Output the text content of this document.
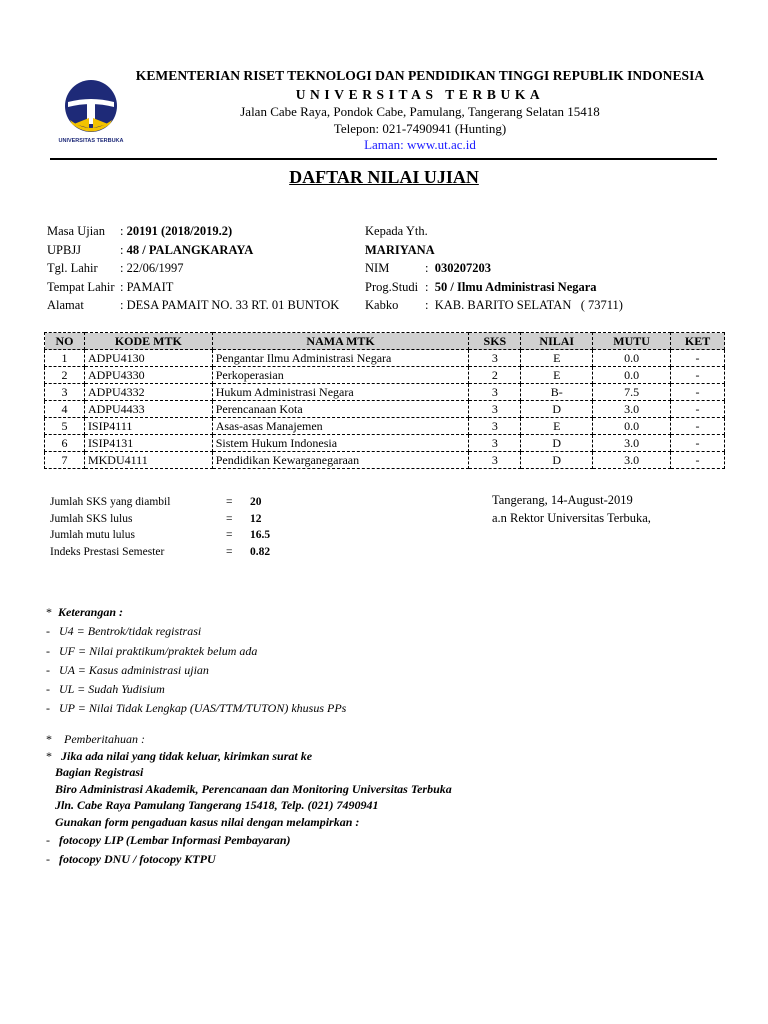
UNIVERSITAS TERBUKA
KEMENTERIAN RISET TEKNOLOGI DAN PENDIDIKAN TINGGI REPUBLIK INDONESIA
UNIVERSITAS TERBUKA
Jalan Cabe Raya, Pondok Cabe, Pamulang, Tangerang Selatan 15418
Telepon: 021-7490941 (Hunting)
Laman: www.ut.ac.id
DAFTAR NILAI UJIAN
Masa Ujian : 20191 (2018/2019.2)
UPBJJ	: 48 / PALANGKARAYA
Tgl. Lahir : 22/06/1997
Tempat Lahir : PAMAIT
Alamat	: DESA PAMAIT NO. 33 RT. 01 BUNTOK
Kepada Yth.
MARIYANA
NIM	:  030207203
Prog.Studi :  50 / Ilmu Administrasi Negara
Kabko :  KAB. BARITO SELATAN ( 73711)
NO	KODE MTK	NAMA MTK	SKS	NILAI	MUTU	KET
1	ADPU4130	Pengantar Ilmu Administrasi Negara	3	E	0.0	-
2	ADPU4330	Perkoperasian	2	E	0.0	-
3	ADPU4332	Hukum Administrasi Negara	3	B-	7.5	-
4	ADPU4433	Perencanaan Kota	3	D	3.0	-
5	ISIP4111	Asas-asas Manajemen	3	E	0.0	-
6	ISIP4131	Sistem Hukum Indonesia	3	D	3.0	-
7	MKDU4111	Pendidikan Kewarganegaraan	3	D	3.0	-
Jumlah SKS yang diambil	= 20
Jumlah SKS lulus	= 12
Jumlah mutu lulus	= 16.5
Indeks Prestasi Semester	= 0.82
Tangerang, 14-August-2019
a.n Rektor Universitas Terbuka,
*  Keterangan :
-   U4 = Bentrok/tidak registrasi
-   UF = Nilai praktikum/praktek belum ada
-   UA = Kasus administrasi ujian
-   UL = Sudah Yudisium
-   UP = Nilai Tidak Lengkap (UAS/TTM/TUTON) khusus PPs
*    Pemberitahuan :
*   Jika ada nilai yang tidak keluar, kirimkan surat ke
Bagian Registrasi
Biro Administrasi Akademik, Perencanaan dan Monitoring Universitas Terbuka
Jln. Cabe Raya Pamulang Tangerang 15418, Telp. (021) 7490941
Gunakan form pengaduan kasus nilai dengan melampirkan :
-   fotocopy LIP (Lembar Informasi Pembayaran)
-   fotocopy DNU / fotocopy KTPU
